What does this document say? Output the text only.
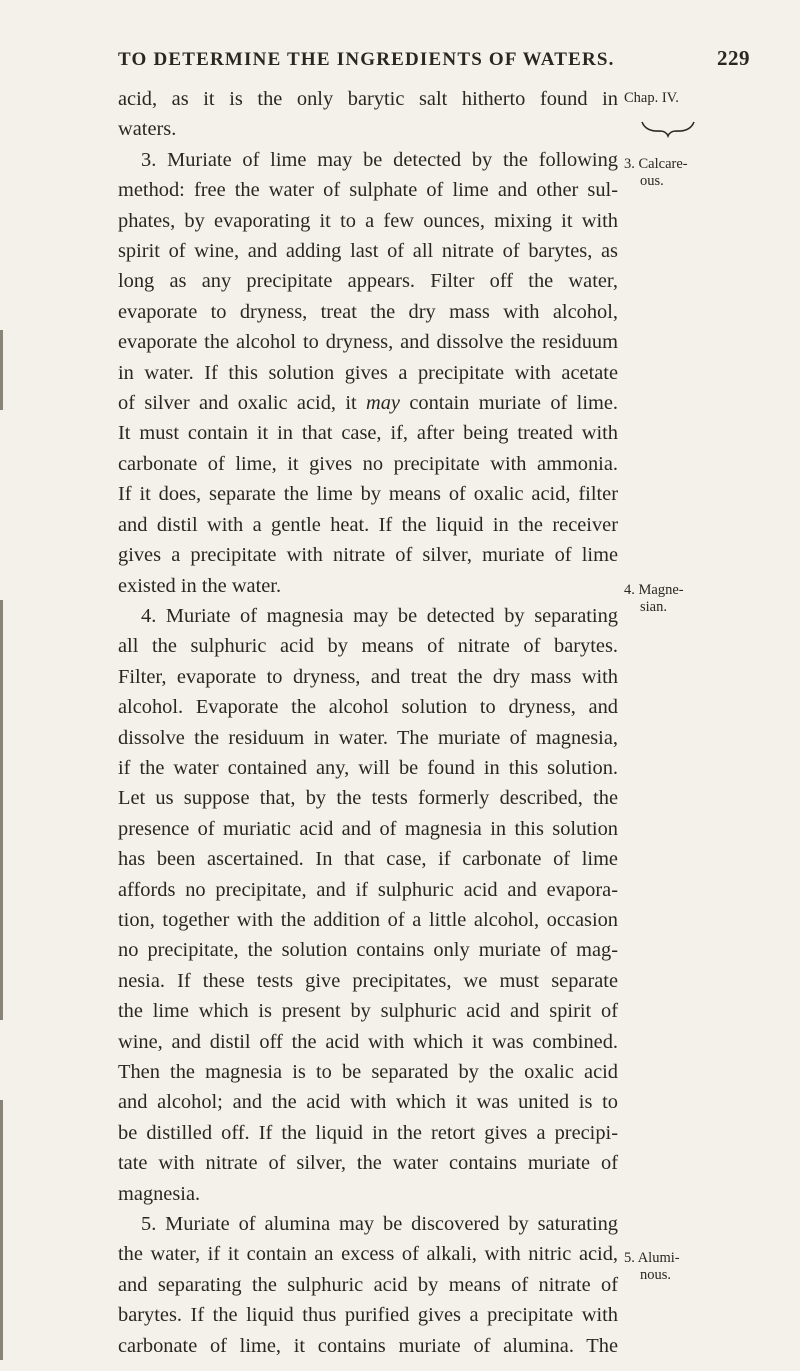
TO DETERMINE THE INGREDIENTS OF WATERS.	229
acid, as it is the only barytic salt hitherto found in
waters.
3. Muriate of lime may be detected by the following
method: free the water of sulphate of lime and other sul-
phates, by evaporating it to a few ounces, mixing it with
spirit of wine, and adding last of all nitrate of barytes, as
long as any precipitate appears. Filter off the water,
evaporate to dryness, treat the dry mass with alcohol,
evaporate the alcohol to dryness, and dissolve the residuum
in water. If this solution gives a precipitate with acetate
of silver and oxalic acid, it may contain muriate of lime.
It must contain it in that case, if, after being treated with
carbonate of lime, it gives no precipitate with ammonia.
If it does, separate the lime by means of oxalic acid, filter
and distil with a gentle heat. If the liquid in the receiver
gives a precipitate with nitrate of silver, muriate of lime
existed in the water.
4. Muriate of magnesia may be detected by separating
all the sulphuric acid by means of nitrate of barytes.
Filter, evaporate to dryness, and treat the dry mass with
alcohol. Evaporate the alcohol solution to dryness, and
dissolve the residuum in water. The muriate of magnesia,
if the water contained any, will be found in this solution.
Let us suppose that, by the tests formerly described, the
presence of muriatic acid and of magnesia in this solution
has been ascertained. In that case, if carbonate of lime
affords no precipitate, and if sulphuric acid and evapora-
tion, together with the addition of a little alcohol, occasion
no precipitate, the solution contains only muriate of mag-
nesia. If these tests give precipitates, we must separate
the lime which is present by sulphuric acid and spirit of
wine, and distil off the acid with which it was combined.
Then the magnesia is to be separated by the oxalic acid
and alcohol; and the acid with which it was united is to
be distilled off. If the liquid in the retort gives a precipi-
tate with nitrate of silver, the water contains muriate of
magnesia.
5. Muriate of alumina may be discovered by saturating
the water, if it contain an excess of alkali, with nitric acid,
and separating the sulphuric acid by means of nitrate of
barytes. If the liquid thus purified gives a precipitate with
carbonate of lime, it contains muriate of alumina. The
Chap. IV.
3. Calcare-
ous.
4. Magne-
sian.
5. Alumi-
nous.
